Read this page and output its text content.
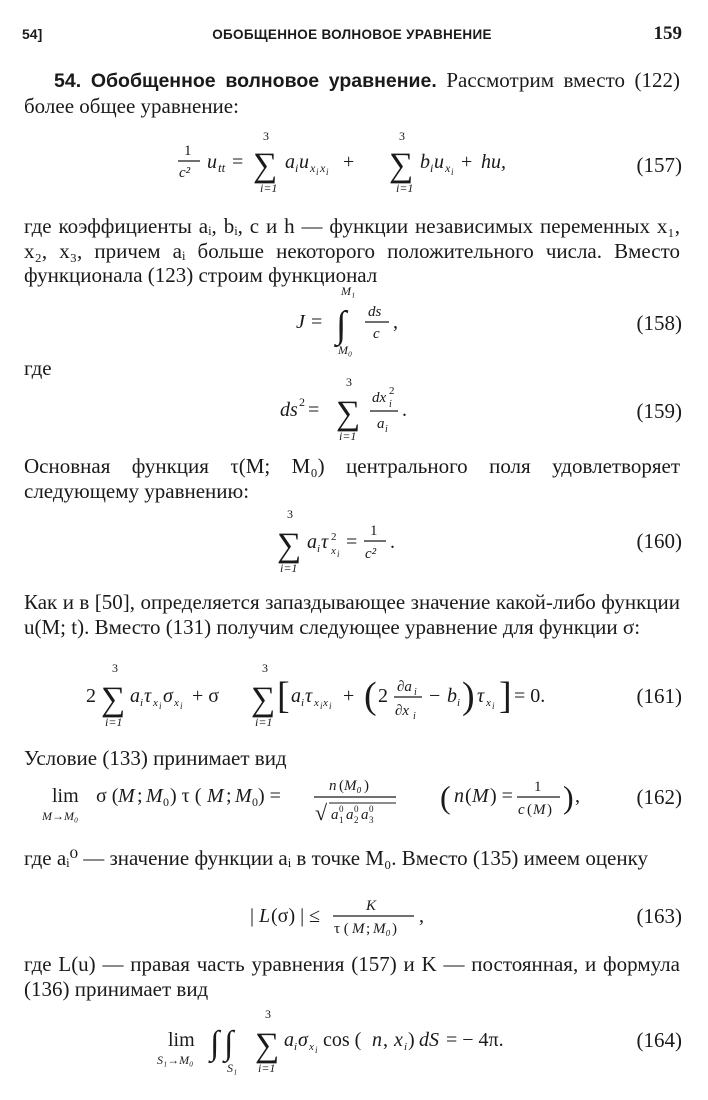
54]	ОБОБЩЕННОЕ ВОЛНОВОЕ УРАВНЕНИЕ	159
54. Обобщенное волновое уравнение. Рассмотрим вместо (122) более общее уравнение:
1
c² u tt =
3
∑
i=1
a i u x i x i +
3
∑
i=1
b i u x i + hu,	(157)
где коэффициенты aᵢ, bᵢ, c и h — функции независимых переменных x₁, x₂, x₃, причем aᵢ больше некоторого положительного числа. Вместо функционала (123) строим функционал
J =
M₁
∫
M₀
ds
c
,	(158)
где
ds 2 =
3
∑
i=1
dx 2
i
a i
.	(159)
Основная функция τ(M; M₀) центрального поля удовлетворяет следующему уравнению:
3
∑
i=1
a i τ 2
x i
= 1
c²
.	(160)
Как и в [50], определяется запаздывающее значение какой-либо функции u(M; t). Вместо (131) получим следующее уравнение для функции σ:
2
3
∑
i=1
a i τ x i σ x i + σ
3
∑
i=1
[ a i τ x i x i + ( 2 ∂a i
∂x i
− b i ) τ x i ] = 0.	(161)
Условие (133) принимает вид
lim
M→M₀
σ ( M ; M 0 ) τ ( M ; M 0 ) =	n ( M₀ )
√ a 0
1 a 0
2 a 0
3
( n ( M ) = 1
c ( M ) ) ,	(162)
где aᵢ⁰ — значение функции aᵢ в точке M₀. Вместо (135) имеем оценку
| L (σ) | ≤	K
τ ( M ; M₀ )
,	(163)
где L(u) — правая часть уравнения (157) и K — постоянная, и формула (136) принимает вид
lim
S₁→M₀ ∫ ∫
S₁
3
∑
i=1
a i σ x i cos ( n , x i ) dS = − 4π.	(164)
